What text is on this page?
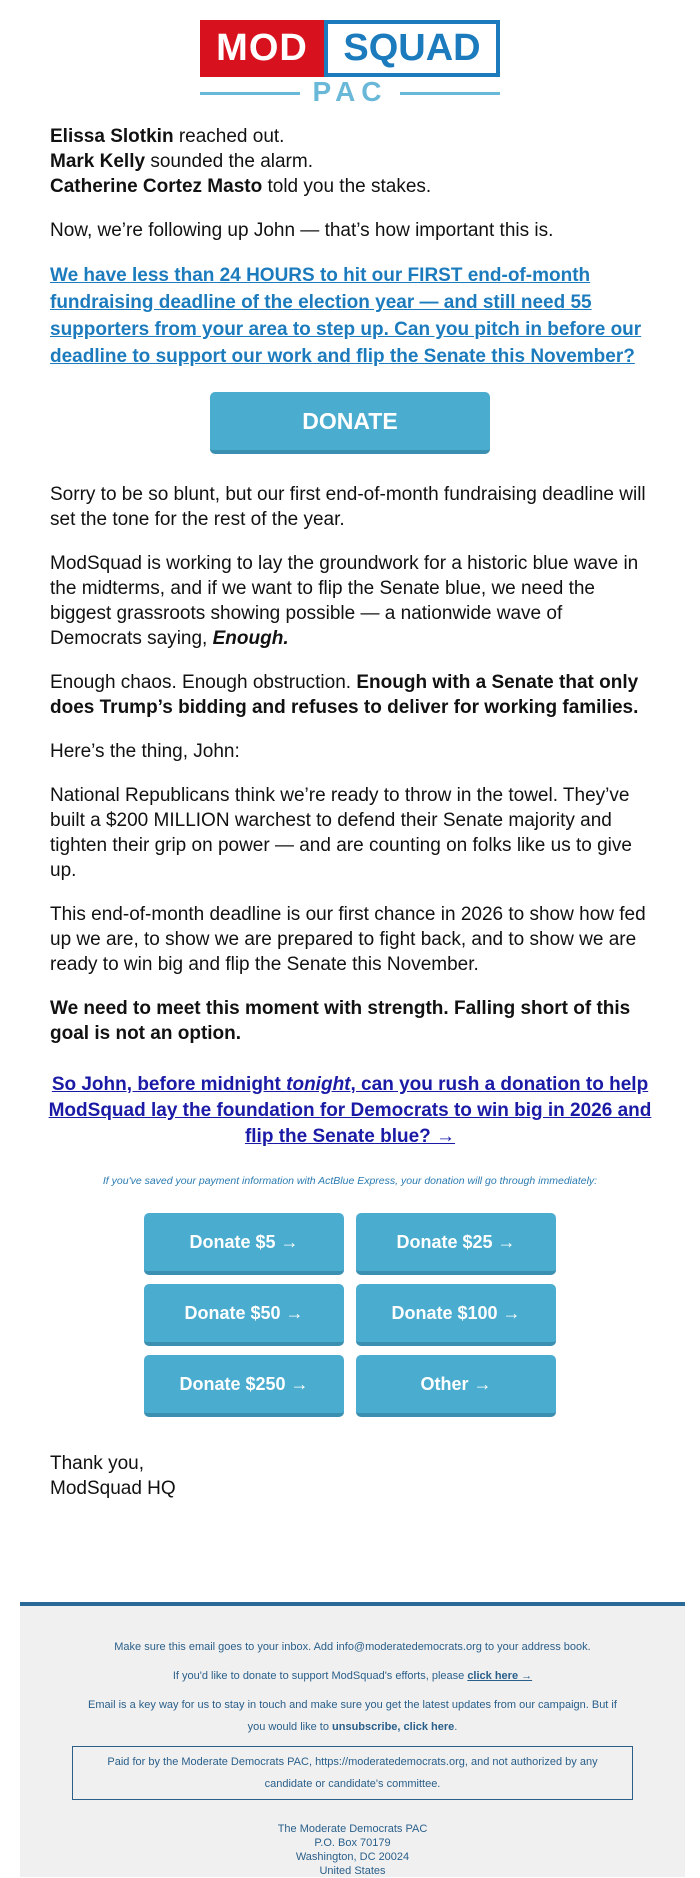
MOD SQUAD
PAC

Elissa Slotkin reached out.
Mark Kelly sounded the alarm.
Catherine Cortez Masto told you the stakes.

Now, we’re following up John — that’s how important this is.

We have less than 24 HOURS to hit our FIRST end-of-month fundraising deadline of the election year — and still need 55 supporters from your area to step up. Can you pitch in before our deadline to support our work and flip the Senate this November?

DONATE

Sorry to be so blunt, but our first end-of-month fundraising deadline will set the tone for the rest of the year.

ModSquad is working to lay the groundwork for a historic blue wave in the midterms, and if we want to flip the Senate blue, we need the biggest grassroots showing possible — a nationwide wave of Democrats saying, Enough.

Enough chaos. Enough obstruction. Enough with a Senate that only does Trump’s bidding and refuses to deliver for working families.

Here’s the thing, John:

National Republicans think we’re ready to throw in the towel. They’ve built a $200 MILLION warchest to defend their Senate majority and tighten their grip on power — and are counting on folks like us to give up.

This end-of-month deadline is our first chance in 2026 to show how fed up we are, to show we are prepared to fight back, and to show we are ready to win big and flip the Senate this November.

We need to meet this moment with strength. Falling short of this goal is not an option.

So John, before midnight tonight, can you rush a donation to help ModSquad lay the foundation for Democrats to win big in 2026 and flip the Senate blue? →

If you've saved your payment information with ActBlue Express, your donation will go through immediately:

Donate $5 →	Donate $25 →
Donate $50 →	Donate $100 →
Donate $250 →	Other →

Thank you,
ModSquad HQ

Make sure this email goes to your inbox. Add info@moderatedemocrats.org to your address book.

If you'd like to donate to support ModSquad's efforts, please click here →

Email is a key way for us to stay in touch and make sure you get the latest updates from our campaign. But if you would like to unsubscribe, click here.

Paid for by the Moderate Democrats PAC, https://moderatedemocrats.org, and not authorized by any candidate or candidate's committee.
The Moderate Democrats PAC
P.O. Box 70179
Washington, DC 20024
United States
